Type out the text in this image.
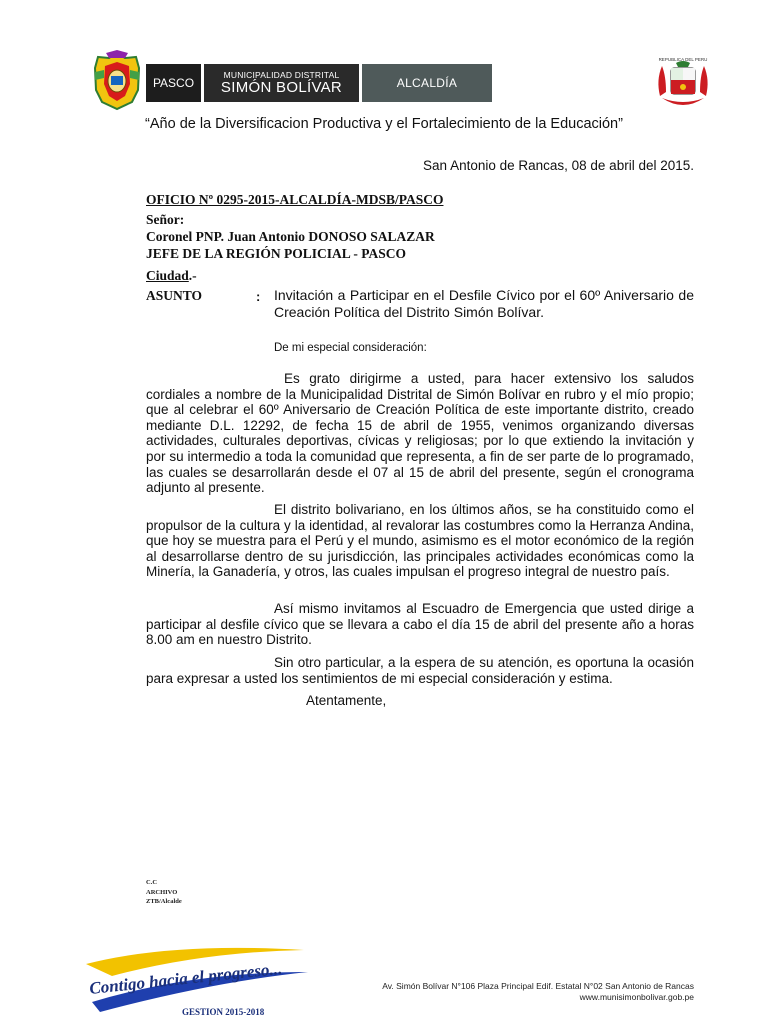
PASCO
MUNICIPALIDAD DISTRITAL
SIMÓN BOLÍVAR	ALCALDÍA
REPUBLICA DEL PERU
“Año de la Diversificacion Productiva y el Fortalecimiento de la Educación”
San Antonio de Rancas, 08 de abril del 2015.
OFICIO Nº 0295-2015-ALCALDÍA-MDSB/PASCO
Señor:
Coronel PNP. Juan Antonio DONOSO SALAZAR
JEFE DE LA REGIÓN POLICIAL - PASCO
Ciudad.-
ASUNTO	: Invitación a Participar en el Desfile Cívico por el 60º Aniversario de Creación Política del Distrito Simón Bolívar.
De mi especial consideración:

Es grato dirigirme a usted, para hacer extensivo los saludos cordiales a nombre de la Municipalidad Distrital de Simón Bolívar en rubro y el mío propio; que al celebrar el 60º Aniversario de Creación Política de este importante distrito, creado mediante D.L. 12292, de fecha 15 de abril de 1955, venimos organizando diversas actividades, culturales deportivas, cívicas y religiosas; por lo que extiendo la invitación y por su intermedio a toda la comunidad que representa, a fin de ser parte de lo programado, las cuales se desarrollarán desde el 07 al 15 de abril del presente, según el cronograma adjunto al presente.

El distrito bolivariano, en los últimos años, se ha constituido como el propulsor de la cultura y la identidad, al revalorar las costumbres como la Herranza Andina, que hoy se muestra para el Perú y el mundo, asimismo es el motor económico de la región al desarrollarse dentro de su jurisdicción, las principales actividades económicas como la Minería, la Ganadería, y otros, las cuales impulsan el progreso integral de nuestro país.

Así mismo invitamos al Escuadro de Emergencia que usted dirige a participar al desfile cívico que se llevara a cabo el día 15 de abril del presente año a horas 8.00 am en nuestro Distrito.

Sin otro particular, a la espera de su atención, es oportuna la ocasión para expresar a usted los sentimientos de mi especial consideración y estima.

Atentamente,
C.C
ARCHIVO
ZTB/Alcalde
Contigo hacia el progreso...
GESTION 2015-2018
Av. Simón Bolívar N°106 Plaza Principal Edif. Estatal N°02 San Antonio de Rancas
www.munisimonbolivar.gob.pe
